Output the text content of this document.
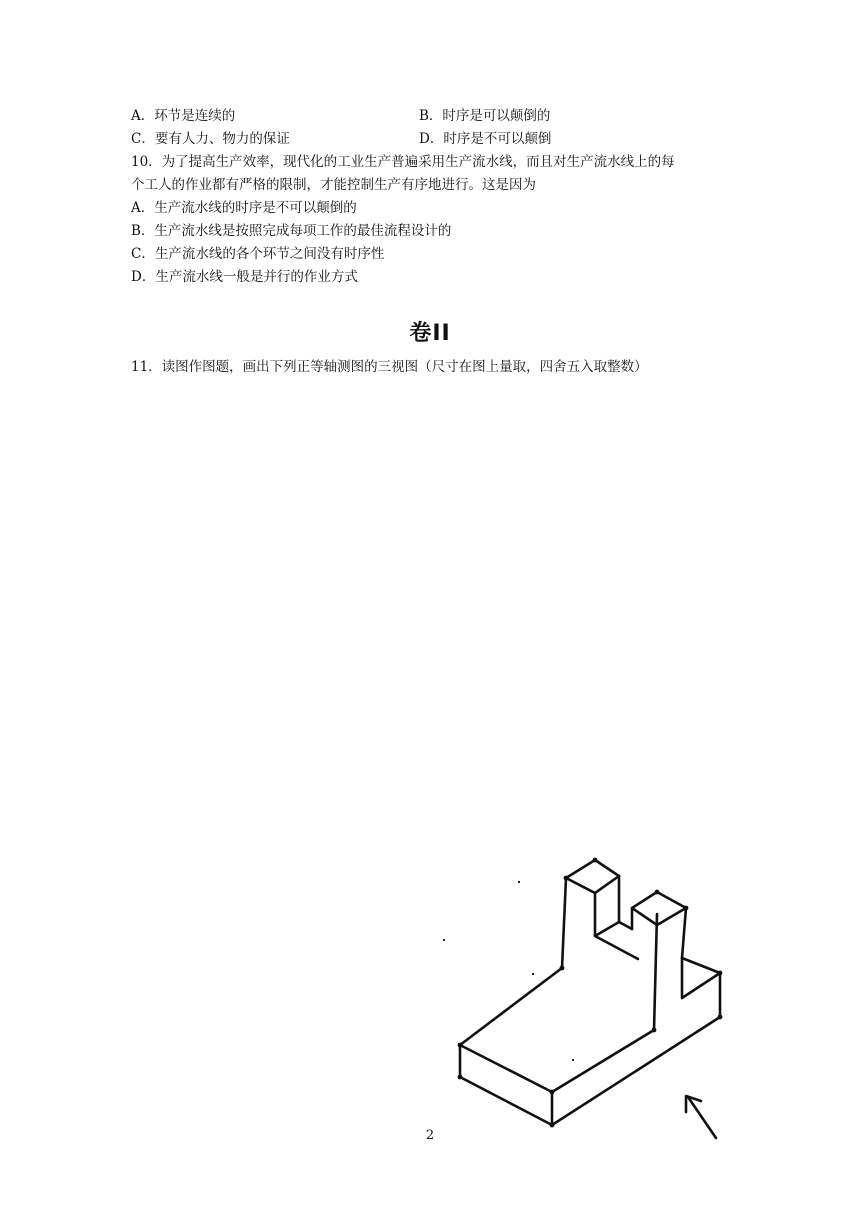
A．环节是连续的	B．时序是可以颠倒的
C．要有人力、物力的保证	D．时序是不可以颠倒
10．为了提高生产效率，现代化的工业生产普遍采用生产流水线，而且对生产流水线上的每
个工人的作业都有严格的限制，才能控制生产有序地进行。这是因为
A．生产流水线的时序是不可以颠倒的
B．生产流水线是按照完成每项工作的最佳流程设计的
C．生产流水线的各个环节之间没有时序性
D．生产流水线一般是并行的作业方式
卷II
11．读图作图题，画出下列正等轴测图的三视图（尺寸在图上量取，四舍五入取整数）
2
